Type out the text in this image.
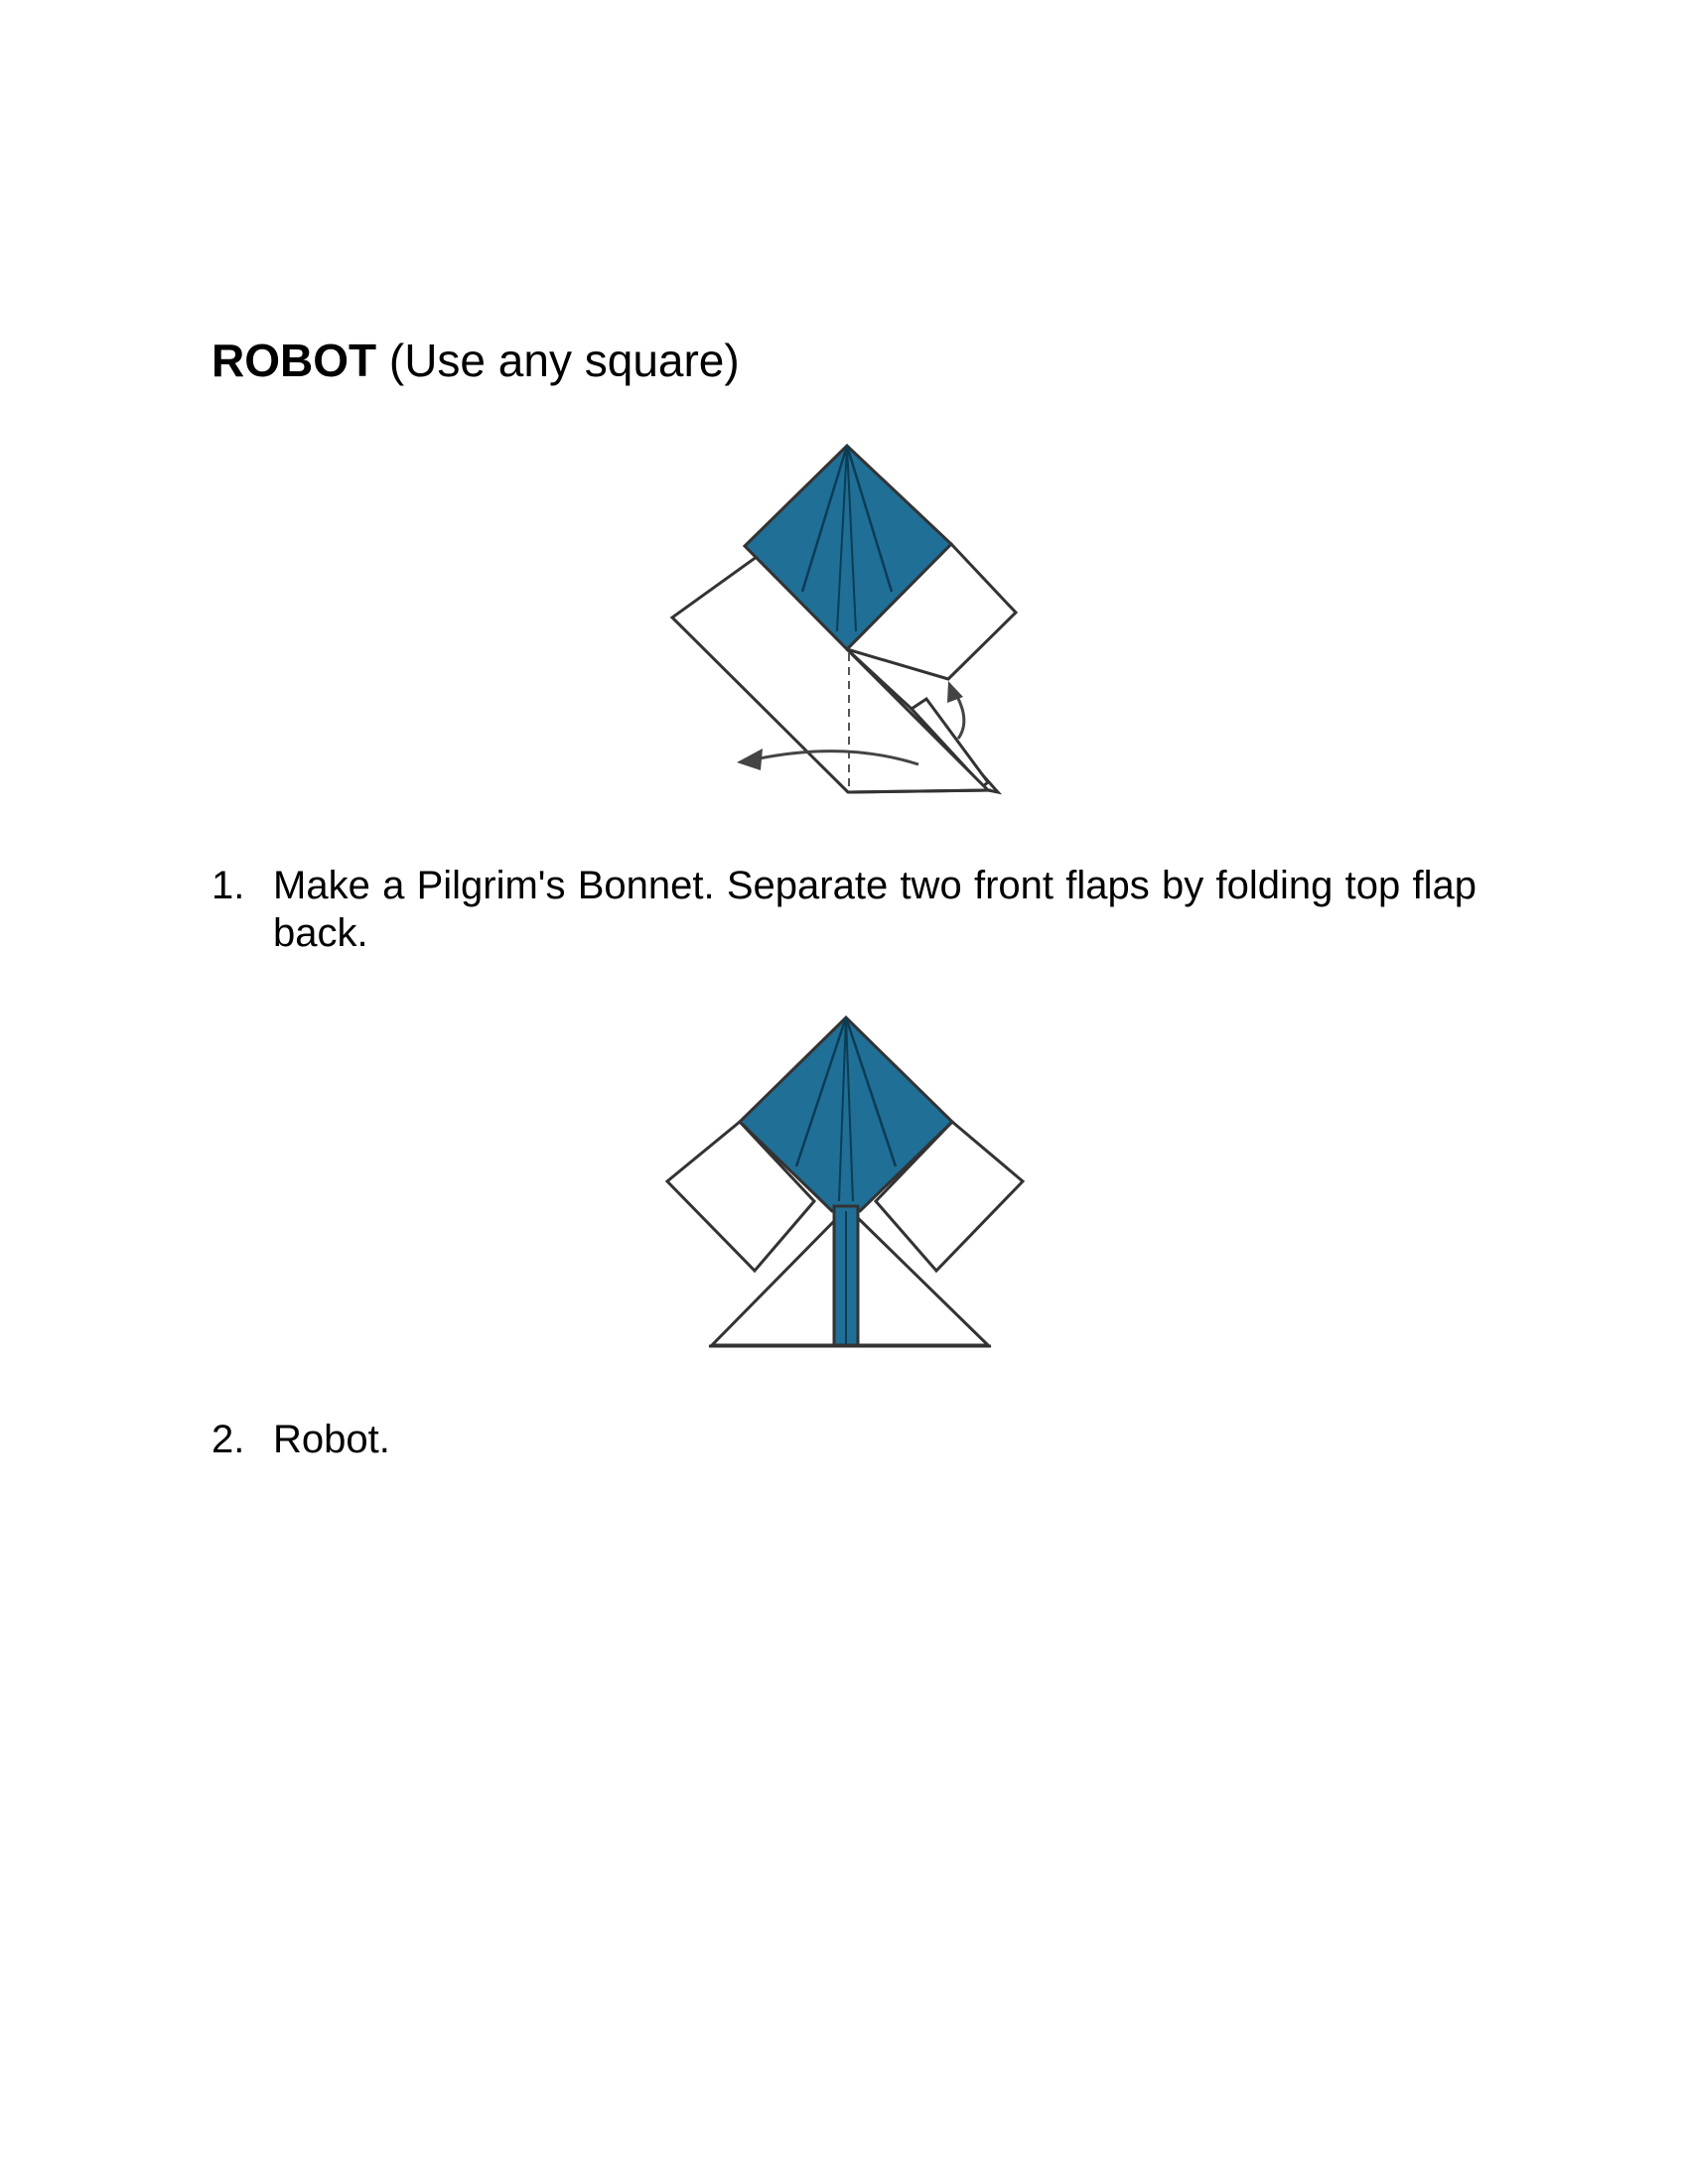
ROBOT (Use any square)

1. Make a Pilgrim's Bonnet. Separate two front flaps by folding top flap back.

2. Robot.
